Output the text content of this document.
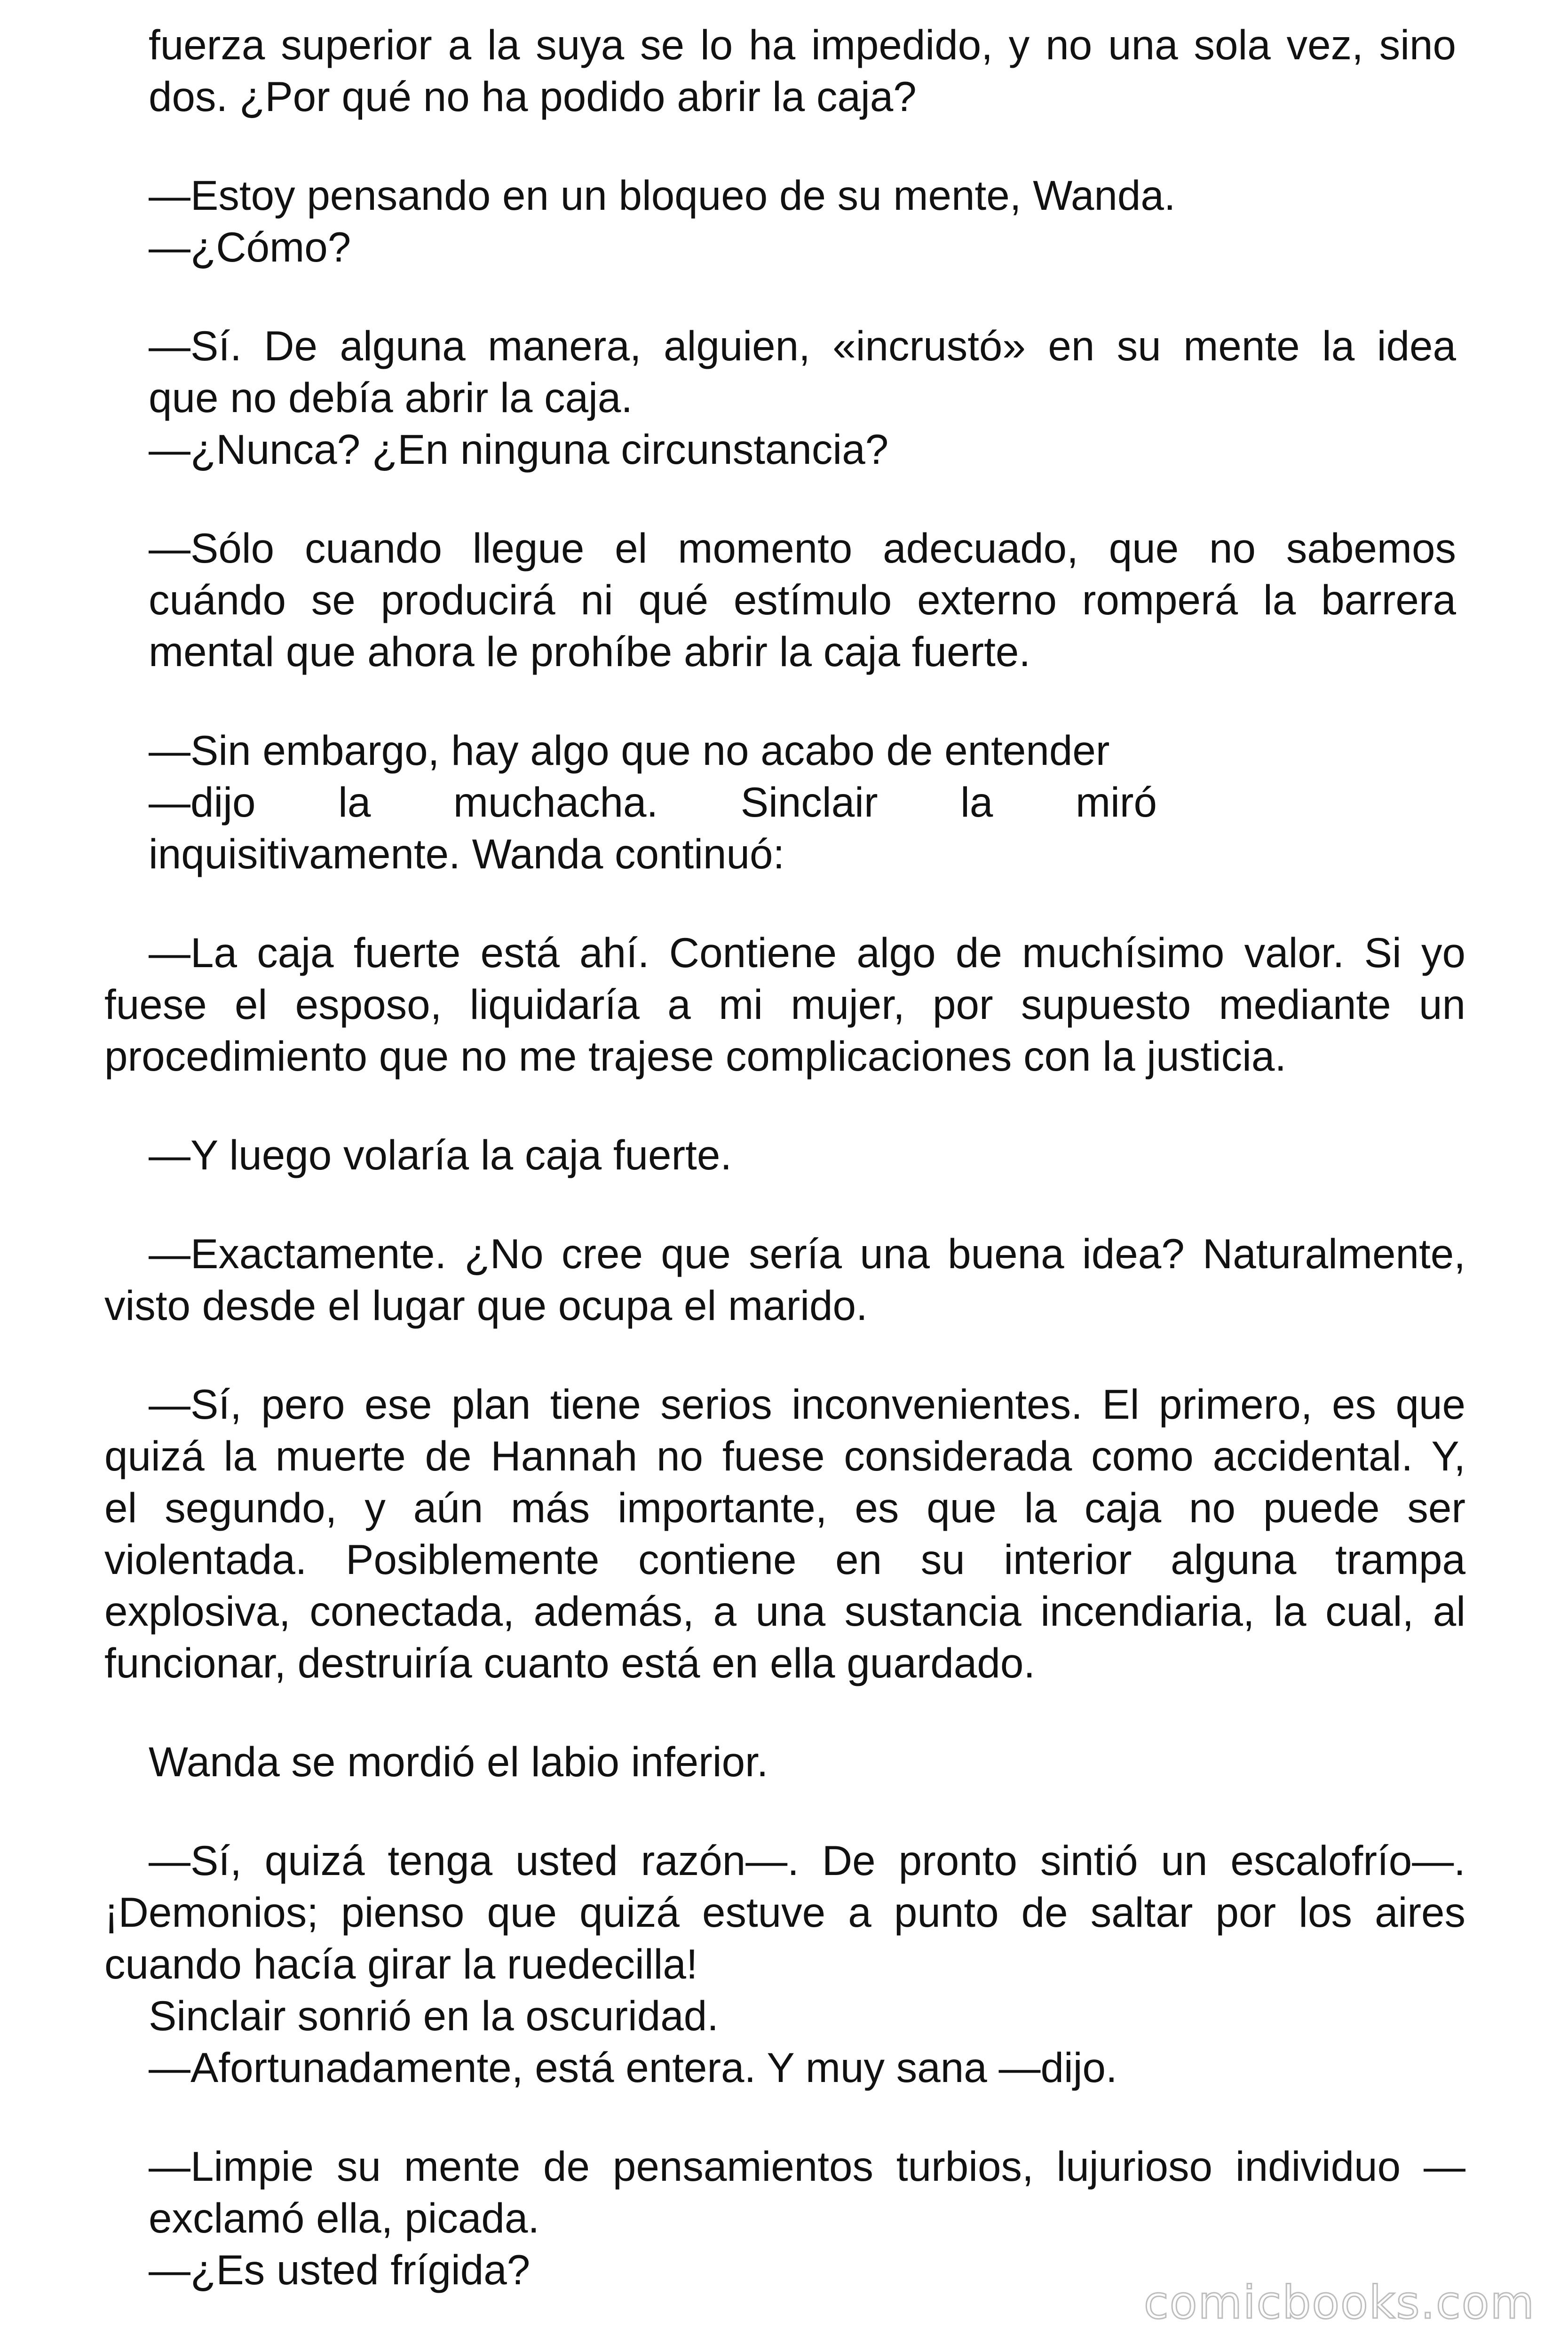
fuerza superior a la suya se lo ha impedido, y no una sola vez, sino
dos. ¿Por qué no ha podido abrir la caja?
—Estoy pensando en un bloqueo de su mente, Wanda.
—¿Cómo?
—Sí. De alguna manera, alguien, «incrustó» en su mente la idea
que no debía abrir la caja.
—¿Nunca? ¿En ninguna circunstancia?
—Sólo cuando llegue el momento adecuado, que no sabemos
cuándo se producirá ni qué estímulo externo romperá la barrera
mental que ahora le prohíbe abrir la caja fuerte.
—Sin embargo, hay algo que no acabo de entender
—dijo la muchacha. Sinclair la miró
inquisitivamente. Wanda continuó:
—La caja fuerte está ahí. Contiene algo de muchísimo valor. Si yo
fuese el esposo, liquidaría a mi mujer, por supuesto mediante un
procedimiento que no me trajese complicaciones con la justicia.
—Y luego volaría la caja fuerte.
—Exactamente. ¿No cree que sería una buena idea? Naturalmente,
visto desde el lugar que ocupa el marido.
—Sí, pero ese plan tiene serios inconvenientes. El primero, es que
quizá la muerte de Hannah no fuese considerada como accidental. Y,
el segundo, y aún más importante, es que la caja no puede ser
violentada. Posiblemente contiene en su interior alguna trampa
explosiva, conectada, además, a una sustancia incendiaria, la cual, al
funcionar, destruiría cuanto está en ella guardado.
Wanda se mordió el labio inferior.
—Sí, quizá tenga usted razón—. De pronto sintió un escalofrío—.
¡Demonios; pienso que quizá estuve a punto de saltar por los aires
cuando hacía girar la ruedecilla!
Sinclair sonrió en la oscuridad.
—Afortunadamente, está entera. Y muy sana —dijo.
—Limpie su mente de pensamientos turbios, lujurioso individuo —
exclamó ella, picada.
—¿Es usted frígida?
comicbooks.com
